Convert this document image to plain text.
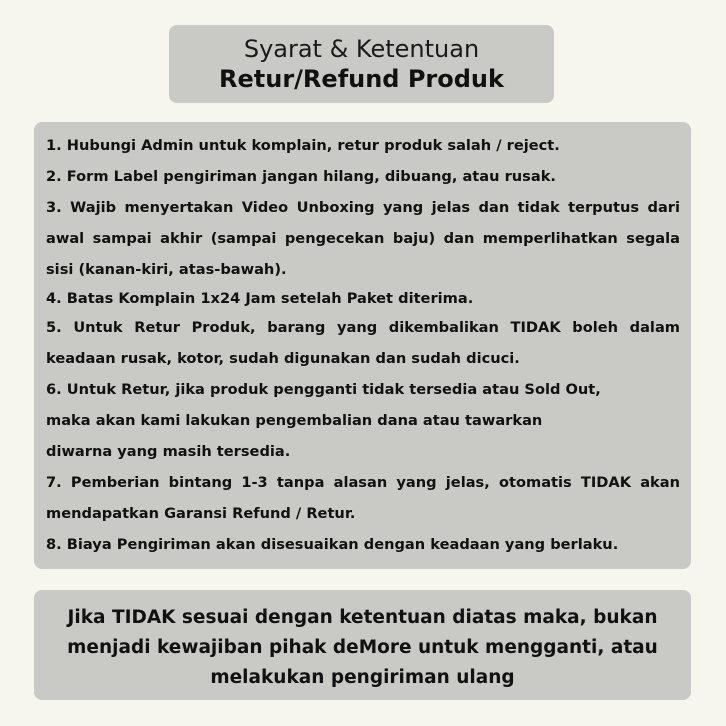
Syarat & Ketentuan
Retur/Refund Produk
1. Hubungi Admin untuk komplain, retur produk salah / reject.
2. Form Label pengiriman jangan hilang, dibuang, atau rusak.
3. Wajib menyertakan Video Unboxing yang jelas dan tidak terputus dari awal sampai akhir (sampai pengecekan baju) dan memperlihatkan segala sisi (kanan-kiri, atas-bawah).
4. Batas Komplain 1x24 Jam setelah Paket diterima.
5. Untuk Retur Produk, barang yang dikembalikan TIDAK boleh dalam keadaan rusak, kotor, sudah digunakan dan sudah dicuci.
6. Untuk Retur, jika produk pengganti tidak tersedia atau Sold Out,
maka akan kami lakukan pengembalian dana atau tawarkan
diwarna yang masih tersedia.
7. Pemberian bintang 1-3 tanpa alasan yang jelas, otomatis TIDAK akan mendapatkan Garansi Refund / Retur.
8. Biaya Pengiriman akan disesuaikan dengan keadaan yang berlaku.
Jika TIDAK sesuai dengan ketentuan diatas maka, bukan menjadi kewajiban pihak deMore untuk mengganti, atau melakukan pengiriman ulang
